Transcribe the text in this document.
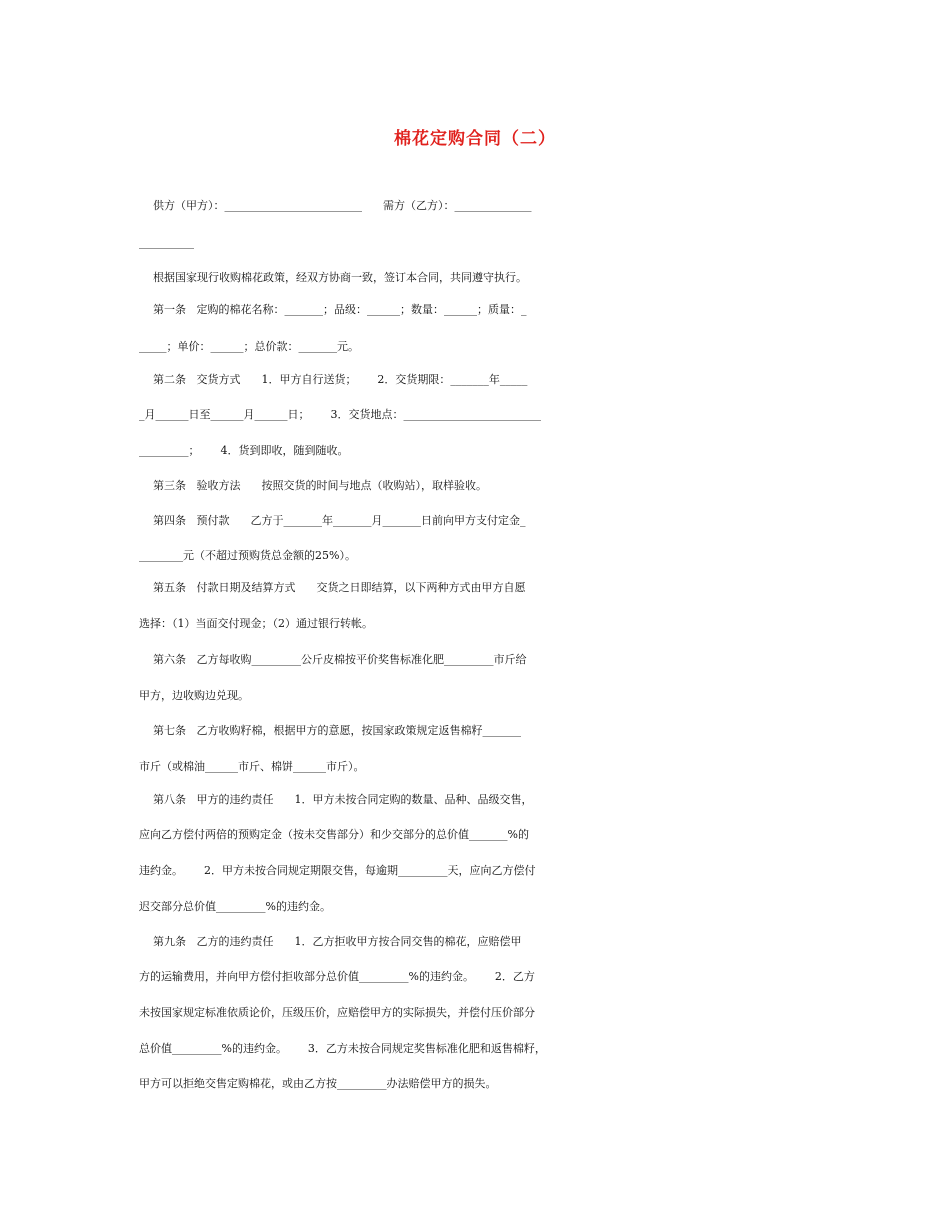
棉花定购合同（二）
供方（甲方）：_________________________      需方（乙方）：______________
__________
根据国家现行收购棉花政策，经双方协商一致，签订本合同，共同遵守执行。
第一条   定购的棉花名称：_______；品级：______；数量：______；质量：_
_____；单价：______；总价款：_______元。
第二条   交货方式      1．甲方自行送货；      2．交货期限：_______年_____
_月______日至______月______日；      3．交货地点：_________________________
_________；      4．货到即收，随到随收。
第三条   验收方法      按照交货的时间与地点（收购站），取样验收。
第四条   预付款      乙方于_______年_______月_______日前向甲方支付定金_
________元（不超过预购货总金额的25%）。
第五条   付款日期及结算方式      交货之日即结算，以下两种方式由甲方自愿
选择：（1）当面交付现金；（2）通过银行转帐。
第六条   乙方每收购_________公斤皮棉按平价奖售标准化肥_________市斤给
甲方，边收购边兑现。
第七条   乙方收购籽棉，根据甲方的意愿，按国家政策规定返售棉籽_______
市斤（或棉油______市斤、棉饼______市斤）。
第八条   甲方的违约责任      1．甲方未按合同定购的数量、品种、品级交售，
应向乙方偿付两倍的预购定金（按未交售部分）和少交部分的总价值_______%的
违约金。      2．甲方未按合同规定期限交售，每逾期_________天，应向乙方偿付
迟交部分总价值_________%的违约金。
第九条   乙方的违约责任      1．乙方拒收甲方按合同交售的棉花，应赔偿甲
方的运输费用，并向甲方偿付拒收部分总价值_________%的违约金。      2．乙方
未按国家规定标准依质论价，压级压价，应赔偿甲方的实际损失，并偿付压价部分
总价值_________%的违约金。      3．乙方未按合同规定奖售标准化肥和返售棉籽，
甲方可以拒绝交售定购棉花，或由乙方按_________办法赔偿甲方的损失。
